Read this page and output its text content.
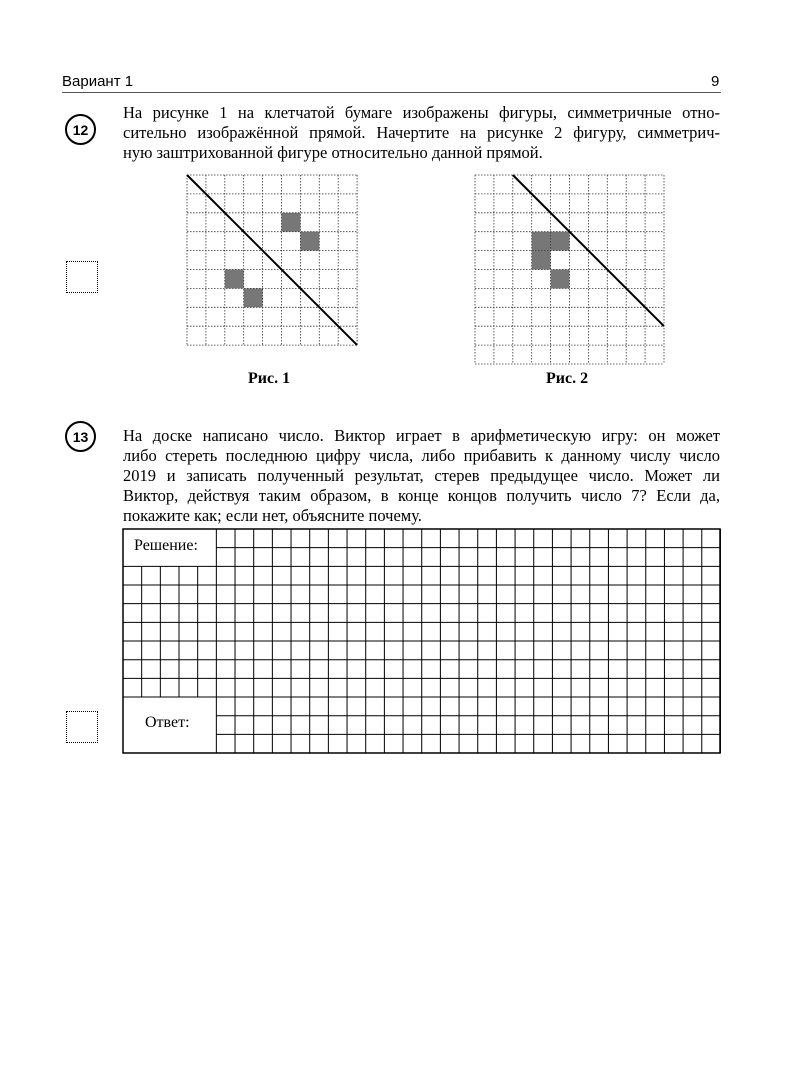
Вариант 1	9
12
На рисунке 1 на клетчатой бумаге изображены фигуры, симметричные отно-
сительно изображённой прямой. Начертите на рисунке 2 фигуру, симметрич-
ную заштрихованной фигуре относительно данной прямой.
Рис. 1	Рис. 2
13 На доске написано число. Виктор играет в арифметическую игру: он может
либо стереть последнюю цифру числа, либо прибавить к данному числу число
2019 и записать полученный результат, стерев предыдущее число. Может ли
Виктор, действуя таким образом, в конце концов получить число 7? Если да,
покажите как; если нет, объясните почему.
Решение:
Ответ:
